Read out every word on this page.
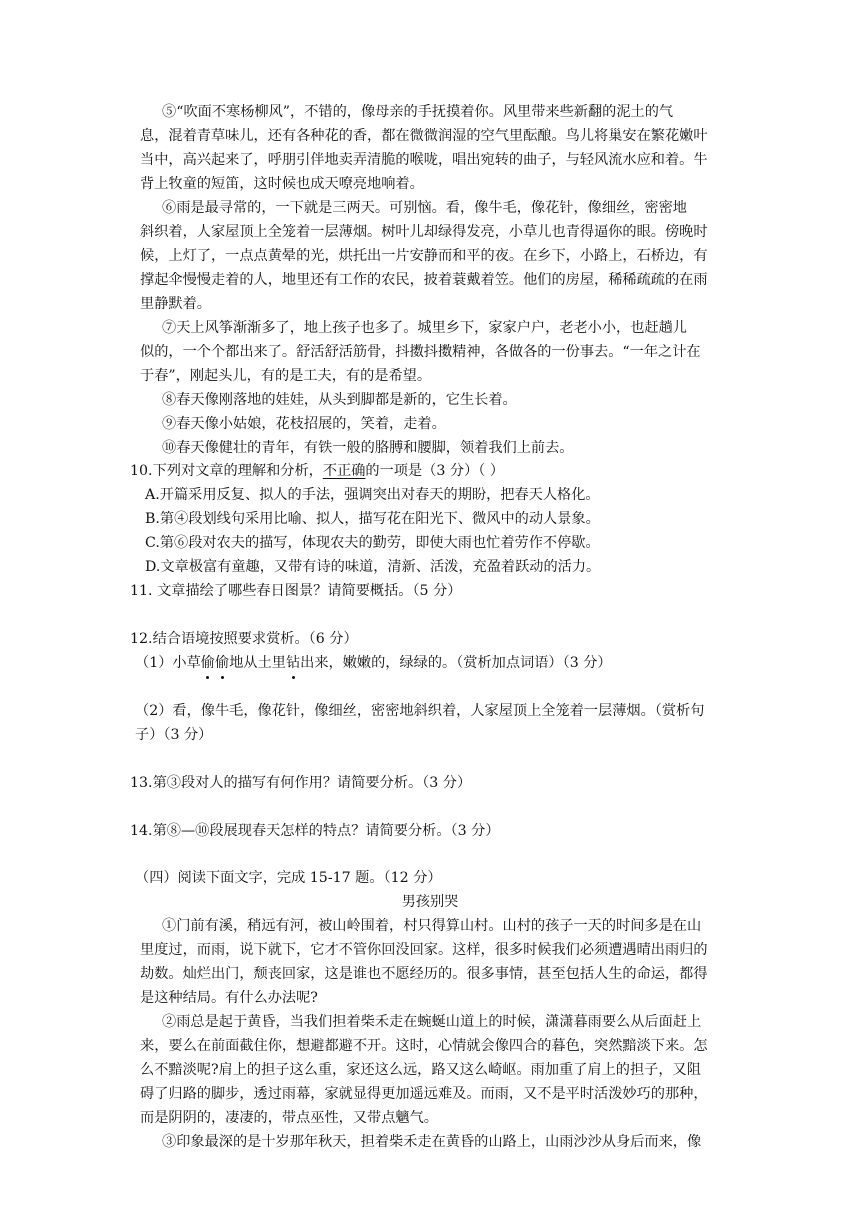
⑤“吹面不寒杨柳风”，不错的，像母亲的手抚摸着你。风里带来些新翻的泥土的气
息，混着青草味儿，还有各种花的香，都在微微润湿的空气里酝酿。鸟儿将巢安在繁花嫩叶
当中，高兴起来了，呼朋引伴地卖弄清脆的喉咙，唱出宛转的曲子，与轻风流水应和着。牛
背上牧童的短笛，这时候也成天嘹亮地响着。
⑥雨是最寻常的，一下就是三两天。可别恼。看，像牛毛，像花针，像细丝，密密地
斜织着，人家屋顶上全笼着一层薄烟。树叶儿却绿得发亮，小草儿也青得逼你的眼。傍晚时
候，上灯了，一点点黄晕的光，烘托出一片安静而和平的夜。在乡下，小路上，石桥边，有
撑起伞慢慢走着的人，地里还有工作的农民，披着蓑戴着笠。他们的房屋，稀稀疏疏的在雨
里静默着。
⑦天上风筝渐渐多了，地上孩子也多了。城里乡下，家家户户，老老小小，也赶趟儿
似的，一个个都出来了。舒活舒活筋骨，抖擞抖擞精神，各做各的一份事去。“一年之计在
于春”，刚起头儿，有的是工夫，有的是希望。
⑧春天像刚落地的娃娃，从头到脚都是新的，它生长着。
⑨春天像小姑娘，花枝招展的，笑着，走着。
⑩春天像健壮的青年，有铁一般的胳膊和腰脚，领着我们上前去。
10.下列对文章的理解和分析，不正确的一项是（3 分）（ ）
A.开篇采用反复、拟人的手法，强调突出对春天的期盼，把春天人格化。
B.第④段划线句采用比喻、拟人，描写花在阳光下、微风中的动人景象。
C.第⑥段对农夫的描写，体现农夫的勤劳，即使大雨也忙着劳作不停歇。
D.文章极富有童趣，又带有诗的味道，清新、活泼，充盈着跃动的活力。
11. 文章描绘了哪些春日图景？请简要概括。（5 分）
12.结合语境按照要求赏析。（6 分）
（1）小草偷偷地从土里钻出来，嫩嫩的，绿绿的。（赏析加点词语）（3 分）
（2）看，像牛毛，像花针，像细丝，密密地斜织着，人家屋顶上全笼着一层薄烟。（赏析句
子）（3 分）
13.第③段对人的描写有何作用？请简要分析。（3 分）
14.第⑧—⑩段展现春天怎样的特点？请简要分析。（3 分）
（四）阅读下面文字，完成 15-17 题。（12 分）
男孩别哭
①门前有溪，稍远有河，被山岭围着，村只得算山村。山村的孩子一天的时间多是在山
里度过，而雨，说下就下，它才不管你回没回家。这样，很多时候我们必须遭遇晴出雨归的
劫数。灿烂出门，颓丧回家，这是谁也不愿经历的。很多事情，甚至包括人生的命运，都得
是这种结局。有什么办法呢?
②雨总是起于黄昏，当我们担着柴禾走在蜿蜒山道上的时候，潇潇暮雨要么从后面赶上
来，要么在前面截住你，想避都避不开。这时，心情就会像四合的暮色，突然黯淡下来。怎
么不黯淡呢?肩上的担子这么重，家还这么远，路又这么崎岖。雨加重了肩上的担子，又阻
碍了归路的脚步，透过雨幕，家就显得更加遥远难及。而雨，又不是平时活泼妙巧的那种，
而是阴阴的，凄凄的，带点巫性，又带点魑气。
③印象最深的是十岁那年秋天，担着柴禾走在黄昏的山路上，山雨沙沙从身后而来，像
